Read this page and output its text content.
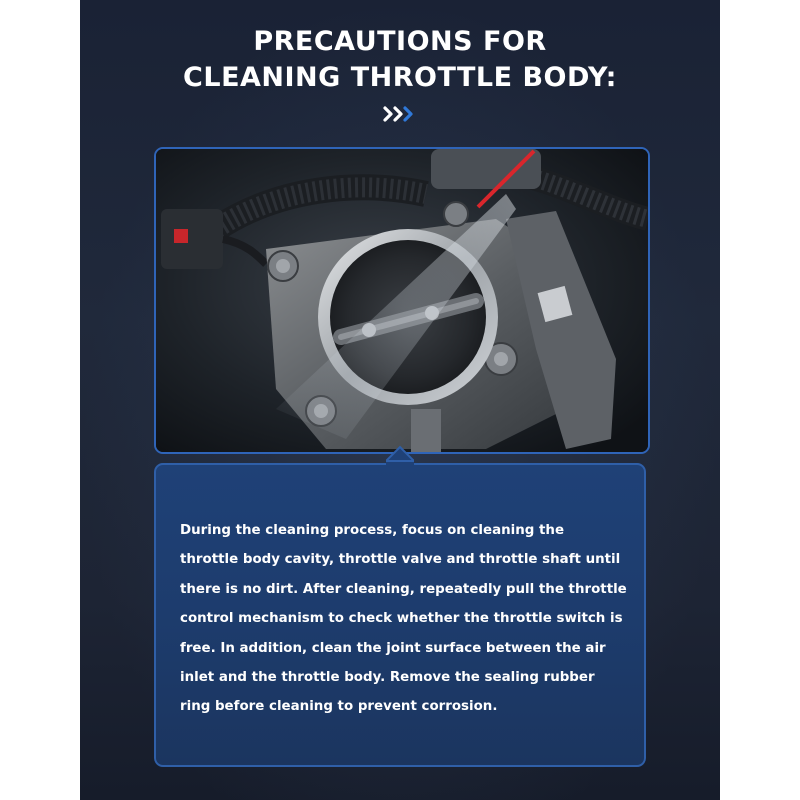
PRECAUTIONS FOR
CLEANING THROTTLE BODY:

During the cleaning process, focus on cleaning the
throttle body cavity, throttle valve and throttle shaft until
there is no dirt. After cleaning, repeatedly pull the throttle
control mechanism to check whether the throttle switch is
free. In addition, clean the joint surface between the air
inlet and the throttle body. Remove the sealing rubber
ring before cleaning to prevent corrosion.
